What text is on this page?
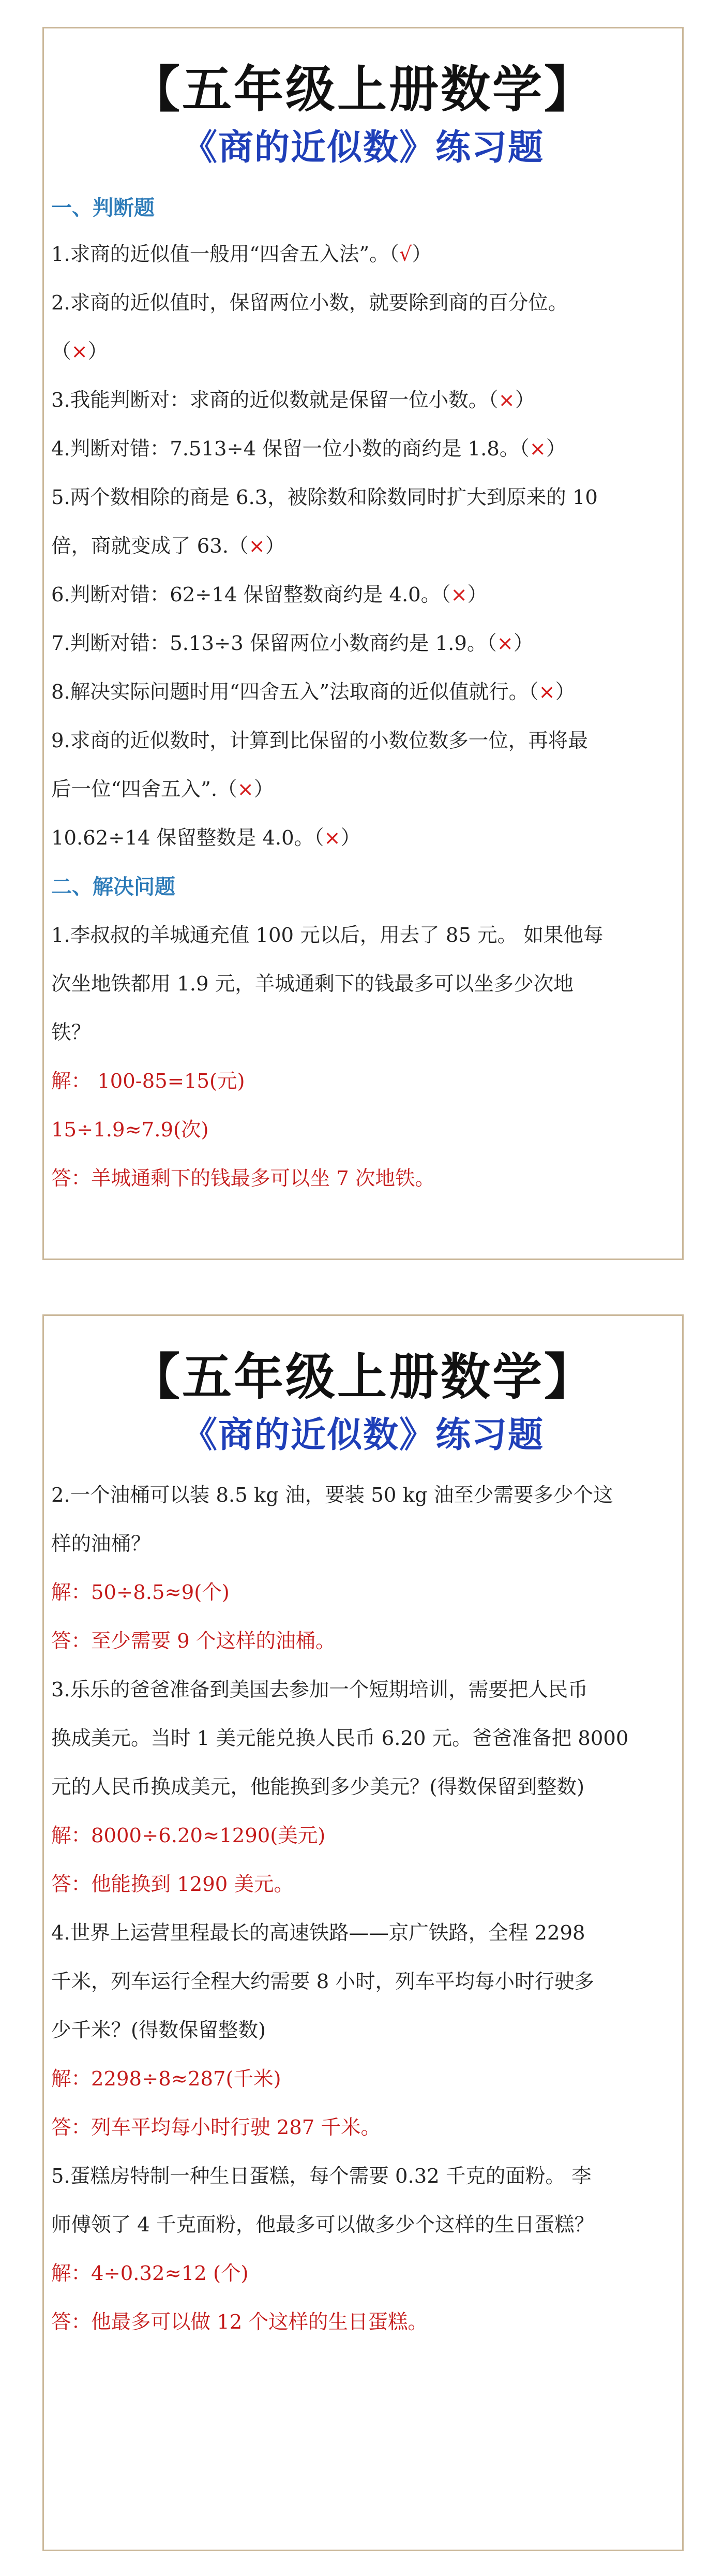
【五年级上册数学】
《商的近似数》练习题
一、判断题
1.求商的近似值一般用“四舍五入法”。（√）
2.求商的近似值时，保留两位小数，就要除到商的百分位。
（×）
3.我能判断对：求商的近似数就是保留一位小数。（×）
4.判断对错：7.513÷4 保留一位小数的商约是 1.8。（×）
5.两个数相除的商是 6.3，被除数和除数同时扩大到原来的 10
倍，商就变成了 63.（×）
6.判断对错：62÷14 保留整数商约是 4.0。（×）
7.判断对错：5.13÷3 保留两位小数商约是 1.9。（×）
8.解决实际问题时用“四舍五入”法取商的近似值就行。（×）
9.求商的近似数时，计算到比保留的小数位数多一位，再将最
后一位“四舍五入”.（×）
10.62÷14 保留整数是 4.0。（×）
二、解决问题
1.李叔叔的羊城通充值 100 元以后，用去了 85 元。 如果他每
次坐地铁都用 1.9 元，羊城通剩下的钱最多可以坐多少次地
铁？
解： 100-85=15(元)
15÷1.9≈7.9(次)
答：羊城通剩下的钱最多可以坐 7 次地铁。
【五年级上册数学】
《商的近似数》练习题
2.一个油桶可以装 8.5 kg 油，要装 50 kg 油至少需要多少个这
样的油桶？
解：50÷8.5≈9(个)
答：至少需要 9 个这样的油桶。
3.乐乐的爸爸准备到美国去参加一个短期培训，需要把人民币
换成美元。当时 1 美元能兑换人民币 6.20 元。爸爸准备把 8000
元的人民币换成美元，他能换到多少美元？(得数保留到整数)
解：8000÷6.20≈1290(美元)
答：他能换到 1290 美元。
4.世界上运营里程最长的高速铁路——京广铁路，全程 2298
千米，列车运行全程大约需要 8 小时，列车平均每小时行驶多
少千米？(得数保留整数)
解：2298÷8≈287(千米)
答：列车平均每小时行驶 287 千米。
5.蛋糕房特制一种生日蛋糕，每个需要 0.32 千克的面粉。 李
师傅领了 4 千克面粉，他最多可以做多少个这样的生日蛋糕？
解：4÷0.32≈12 (个)
答：他最多可以做 12 个这样的生日蛋糕。
